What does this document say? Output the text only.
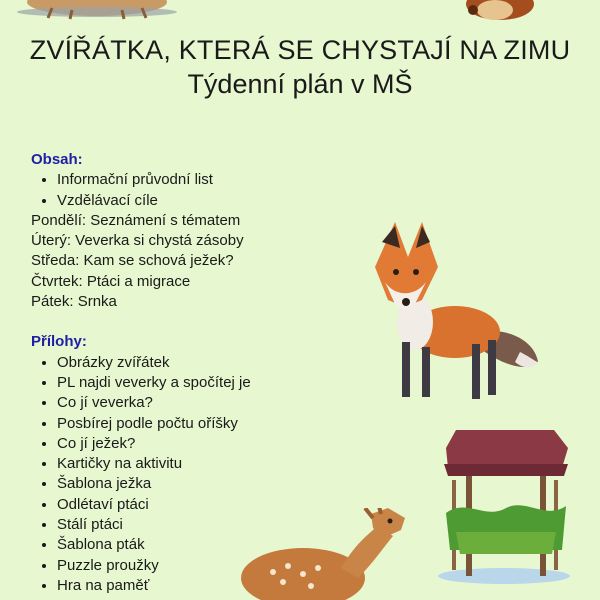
ZVÍŘÁTKA, KTERÁ SE CHYSTAJÍ NA ZIMU
Týdenní plán v MŠ
Obsah:
• Informační průvodní list
• Vzdělávací cíle
Pondělí: Seznámení s tématem
Úterý: Veverka si chystá zásoby
Středa: Kam se schová ježek?
Čtvrtek: Ptáci a migrace
Pátek: Srnka
Přílohy:
• Obrázky zvířátek
• PL najdi veverky a spočítej je
• Co jí veverka?
• Posbírej podle počtu oříšky
• Co jí ježek?
• Kartičky na aktivitu
• Šablona ježka
• Odlétaví ptáci
• Stálí ptáci
• Šablona pták
• Puzzle proužky
• Hra na paměť
